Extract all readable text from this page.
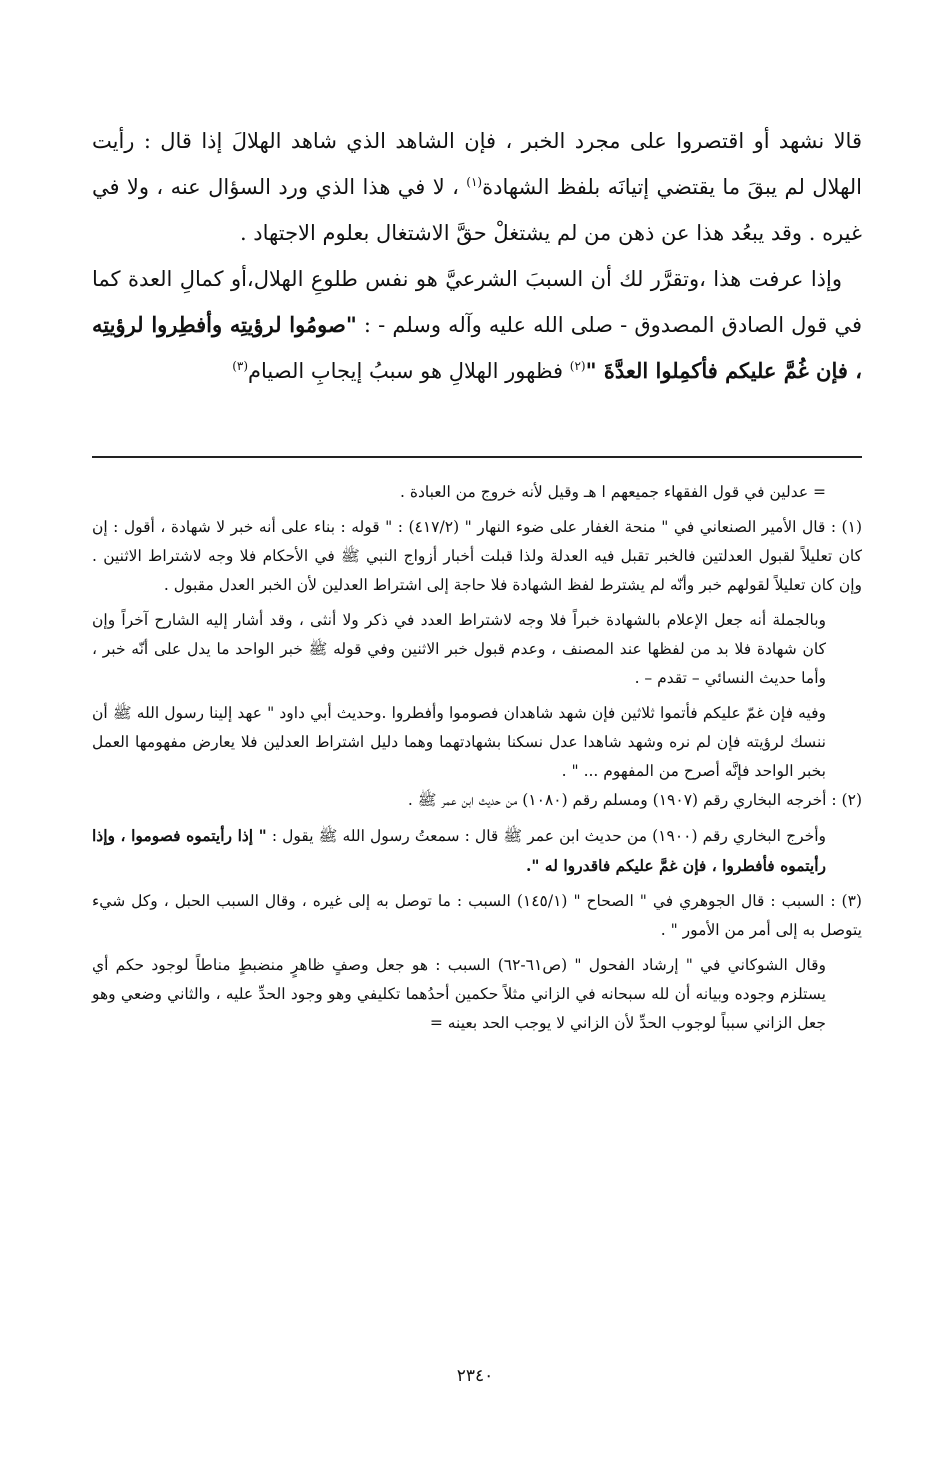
قالا نشهد أو اقتصروا على مجرد الخبر ، فإن الشاهد الذي شاهد الهلالَ إذا قال : رأيت الهلال لم يبقَ ما يقتضي إتيانَه بلفظ الشهادة$^{(١)}$ ، لا في هذا الذي ورد السؤال عنه ، ولا في غيره . وقد يبعُد هذا عن ذهن من لم يشتغلْ حقَّ الاشتغال بعلوم الاجتهاد .

وإذا عرفت هذا ،وتقرَّر لك أن السببَ الشرعيَّ هو نفس طلوعِ الهلال،أو كمالِ العدة كما في قول الصادق المصدوق - صلى الله عليه وآله وسلم - : "صومُوا لرؤيتِه وأفطِروا لرؤيتِه ، فإن غُمَّ عليكم فأكمِلوا العدَّةَ "$^{(٢)}$ فظهور الهلالِ هو سببُ إيجابِ الصيام$^{(٣)}$

= عدلين في قول الفقهاء جميعهم ا هـ وقيل لأنه خروج من العبادة .

(١) : قال الأمير الصنعاني في " منحة الغفار على ضوء النهار " (٤١٧/٢) : " قوله : بناء على أنه خبر لا شهادة ، أقول : إن كان تعليلاً لقبول العدلتين فالخبر تقبل فيه العدلة ولذا قبلت أخبار أزواج النبي ﷺ في الأحكام فلا وجه لاشتراط الاثنين . وإن كان تعليلاً لقولهم خبر وأنّه لم يشترط لفظ الشهادة فلا حاجة إلى اشتراط العدلين لأن الخبر العدل مقبول .

وبالجملة أنه جعل الإعلام بالشهادة خبراً فلا وجه لاشتراط العدد في ذكر ولا أنثى ، وقد أشار إليه الشارح آخراً وإن كان شهادة فلا بد من لفظها عند المصنف ، وعدم قبول خبر الاثنين وفي قوله ﷺ خبر الواحد ما يدل على أنّه خبر ، وأما حديث النسائي – تقدم – .

وفيه فإن غمّ عليكم فأتموا ثلاثين فإن شهد شاهدان فصوموا وأفطروا .وحديث أبي داود " عهد إلينا رسول الله ﷺ أن ننسك لرؤيته فإن لم نره وشهد شاهدا عدل نسكنا بشهادتهما وهما دليل اشتراط العدلين فلا يعارض مفهومها العمل بخبر الواحد فإنَّه أصرح من المفهوم ... " .

(٢) : أخرجه البخاري رقم (١٩٠٧) ومسلم رقم (١٠٨٠) من حديث ابن عمر ﷺ .

وأخرج البخاري رقم (١٩٠٠) من حديث ابن عمر ﷺ قال : سمعتُ رسول الله ﷺ يقول : " إذا رأيتموه فصوموا ، وإذا رأيتموه فأفطروا ، فإن غمَّ عليكم فاقدروا له ".

(٣) : السبب : قال الجوهري في " الصحاح " (١٤٥/١) السبب : ما توصل به إلى غيره ، وقال السبب الحبل ، وكل شيء يتوصل به إلى أمر من الأمور " .

وقال الشوكاني في " إرشاد الفحول " (ص٦١-٦٢) السبب : هو جعل وصفٍ ظاهرٍ منضبطٍ مناطاً لوجود حكم أي يستلزم وجوده وبيانه أن لله سبحانه في الزاني مثلاً حكمين أحدُهما تكليفي وهو وجود الحدِّ عليه ، والثاني وضعي وهو جعل الزاني سبباً لوجوب الحدِّ لأن الزاني لا يوجب الحد بعينه =

٢٣٤٠
